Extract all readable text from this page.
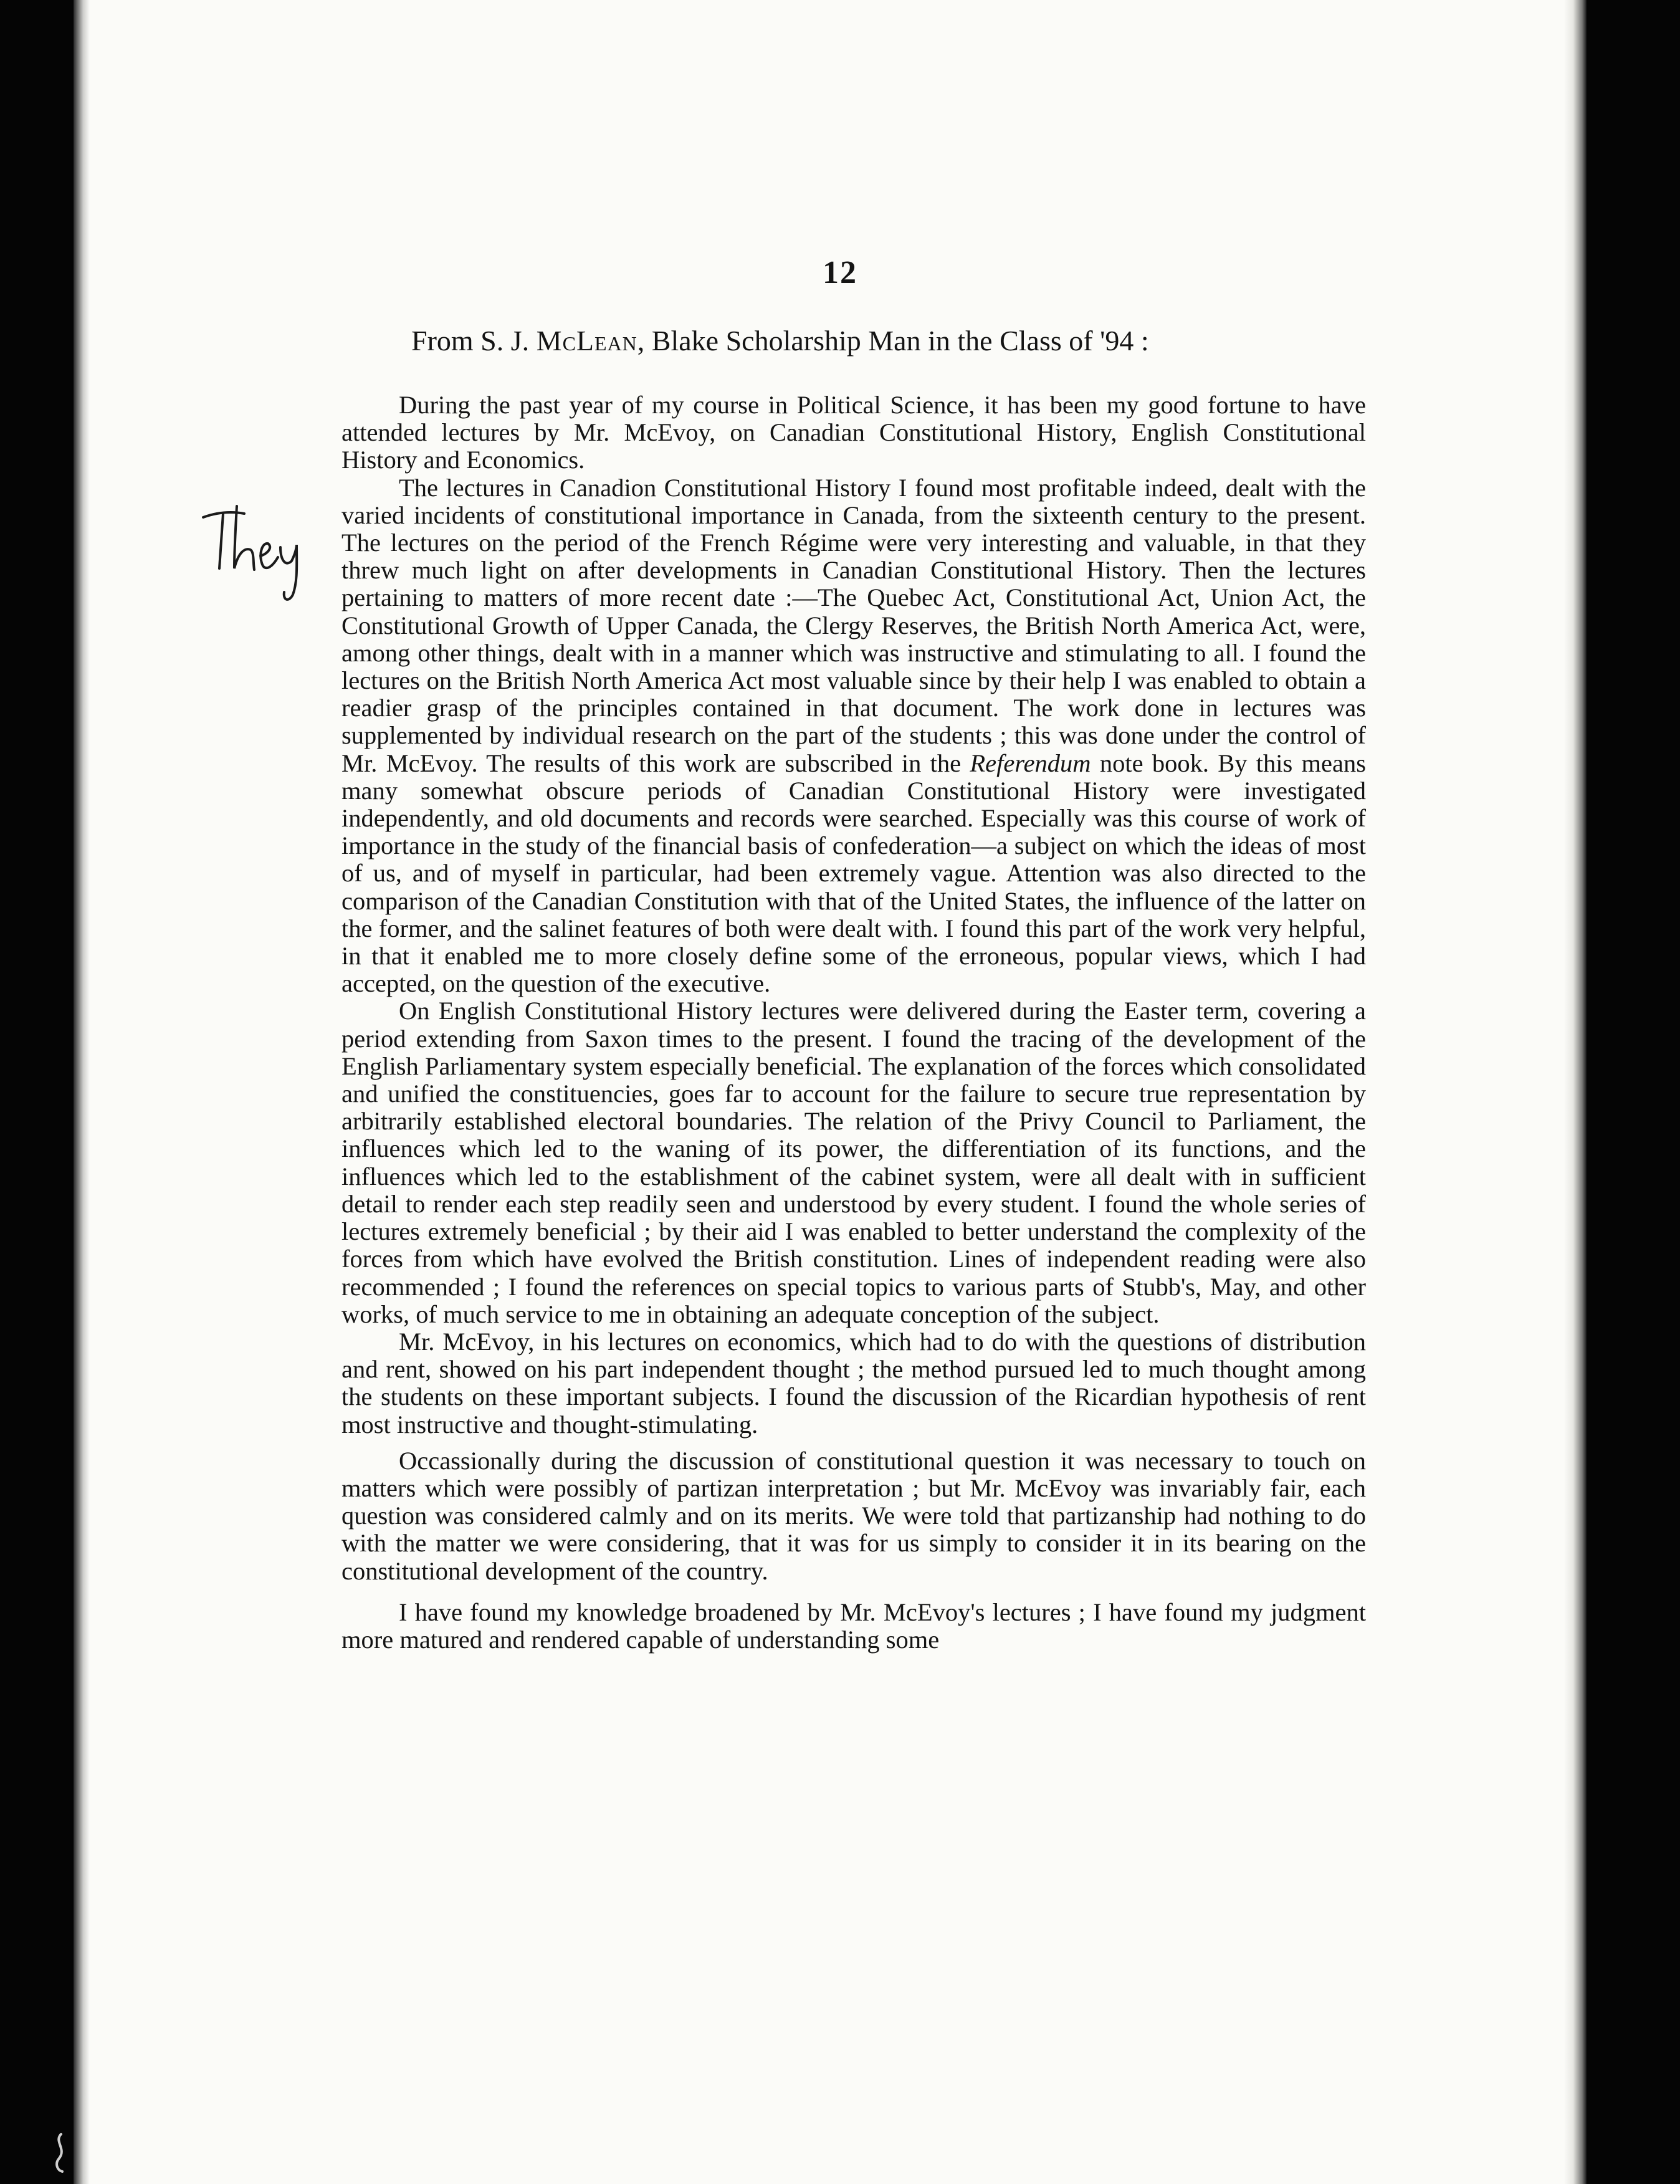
12
From S. J. McLean, Blake Scholarship Man in the Class of '94 :

During the past year of my course in Political Science, it has been my good fortune to have attended lectures by Mr. McEvoy, on Canadian Constitutional History, English Constitutional History and Economics.

The lectures in Canadion Constitutional History I found most profitable indeed, dealt with the varied incidents of constitutional importance in Canada, from the sixteenth century to the present. The lectures on the period of the French Régime were very interesting and valuable, in that they threw much light on after developments in Canadian Constitutional History. Then the lectures pertaining to matters of more recent date :—The Quebec Act, Constitutional Act, Union Act, the Constitutional Growth of Upper Canada, the Clergy Reserves, the British North America Act, were, among other things, dealt with in a manner which was instructive and stimulating to all. I found the lectures on the British North America Act most valuable since by their help I was enabled to obtain a readier grasp of the principles contained in that document. The work done in lectures was supplemented by individual research on the part of the students ; this was done under the control of Mr. McEvoy. The results of this work are subscribed in the Referendum note book. By this means many somewhat obscure periods of Canadian Constitutional History were investigated independently, and old documents and records were searched. Especially was this course of work of importance in the study of the financial basis of confederation—a subject on which the ideas of most of us, and of myself in particular, had been extremely vague. Attention was also directed to the comparison of the Canadian Constitution with that of the United States, the influence of the latter on the former, and the salinet features of both were dealt with. I found this part of the work very helpful, in that it enabled me to more closely define some of the erroneous, popular views, which I had accepted, on the question of the executive.

On English Constitutional History lectures were delivered during the Easter term, covering a period extending from Saxon times to the present. I found the tracing of the development of the English Parliamentary system especially beneficial. The explanation of the forces which consolidated and unified the constituencies, goes far to account for the failure to secure true representation by arbitrarily established electoral boundaries. The relation of the Privy Council to Parliament, the influences which led to the waning of its power, the differentiation of its functions, and the influences which led to the establishment of the cabinet system, were all dealt with in sufficient detail to render each step readily seen and understood by every student. I found the whole series of lectures extremely beneficial ; by their aid I was enabled to better understand the complexity of the forces from which have evolved the British constitution. Lines of independent reading were also recommended ; I found the references on special topics to various parts of Stubb's, May, and other works, of much service to me in obtaining an adequate conception of the subject.

Mr. McEvoy, in his lectures on economics, which had to do with the questions of distribution and rent, showed on his part independent thought ; the method pursued led to much thought among the students on these important subjects. I found the discussion of the Ricardian hypothesis of rent most instructive and thought-stimulating.

Occassionally during the discussion of constitutional question it was necessary to touch on matters which were possibly of partizan interpretation ; but Mr. McEvoy was invariably fair, each question was considered calmly and on its merits. We were told that partizanship had nothing to do with the matter we were considering, that it was for us simply to consider it in its bearing on the constitutional development of the country.

I have found my knowledge broadened by Mr. McEvoy's lectures ; I have found my judgment more matured and rendered capable of understanding some
